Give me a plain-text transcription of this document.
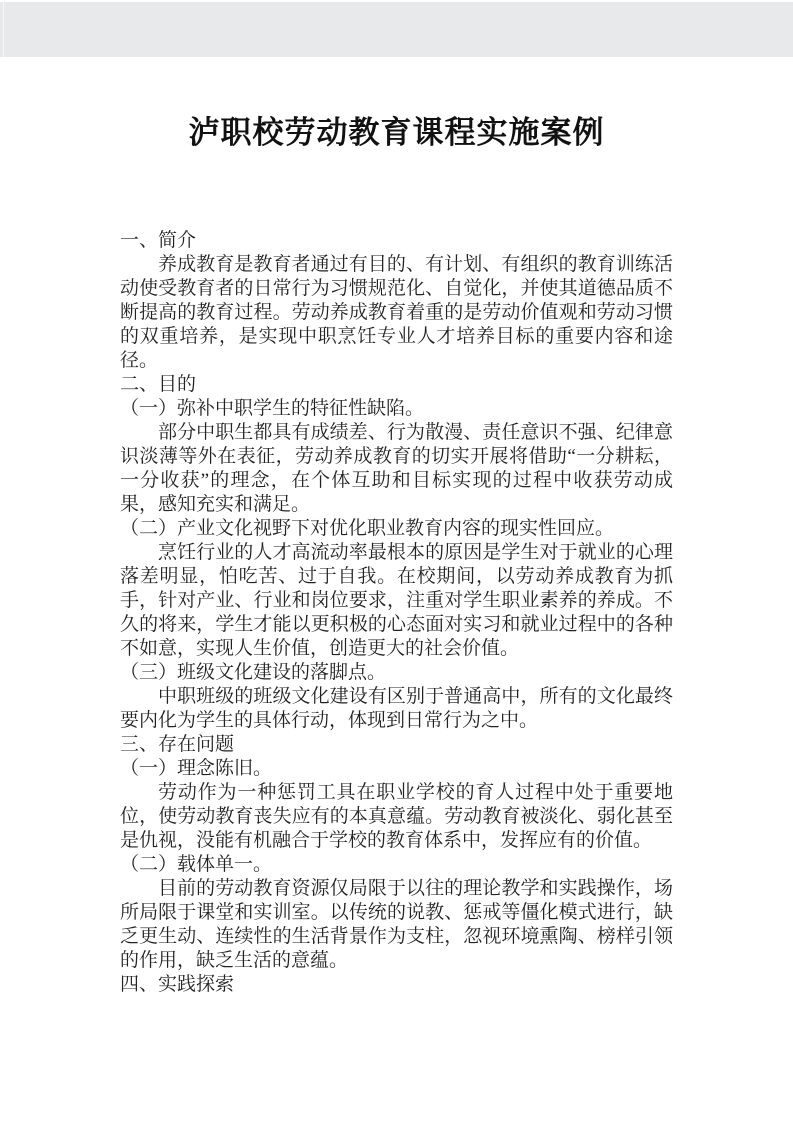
泸职校劳动教育课程实施案例

一、简介

养成教育是教育者通过有目的、有计划、有组织的教育训练活动使受教育者的日常行为习惯规范化、自觉化，并使其道德品质不断提高的教育过程。劳动养成教育着重的是劳动价值观和劳动习惯的双重培养，是实现中职烹饪专业人才培养目标的重要内容和途径。

二、目的

（一）弥补中职学生的特征性缺陷。

部分中职生都具有成绩差、行为散漫、责任意识不强、纪律意识淡薄等外在表征，劳动养成教育的切实开展将借助“一分耕耘，一分收获”的理念，在个体互助和目标实现的过程中收获劳动成果，感知充实和满足。

（二）产业文化视野下对优化职业教育内容的现实性回应。

烹饪行业的人才高流动率最根本的原因是学生对于就业的心理落差明显，怕吃苦、过于自我。在校期间，以劳动养成教育为抓手，针对产业、行业和岗位要求，注重对学生职业素养的养成。不久的将来，学生才能以更积极的心态面对实习和就业过程中的各种不如意，实现人生价值，创造更大的社会价值。

（三）班级文化建设的落脚点。

中职班级的班级文化建设有区别于普通高中，所有的文化最终要内化为学生的具体行动，体现到日常行为之中。

三、存在问题

（一）理念陈旧。

劳动作为一种惩罚工具在职业学校的育人过程中处于重要地位，使劳动教育丧失应有的本真意蕴。劳动教育被淡化、弱化甚至是仇视，没能有机融合于学校的教育体系中，发挥应有的价值。

（二）载体单一。

目前的劳动教育资源仅局限于以往的理论教学和实践操作，场所局限于课堂和实训室。以传统的说教、惩戒等僵化模式进行，缺乏更生动、连续性的生活背景作为支柱，忽视环境熏陶、榜样引领的作用，缺乏生活的意蕴。

四、实践探索
